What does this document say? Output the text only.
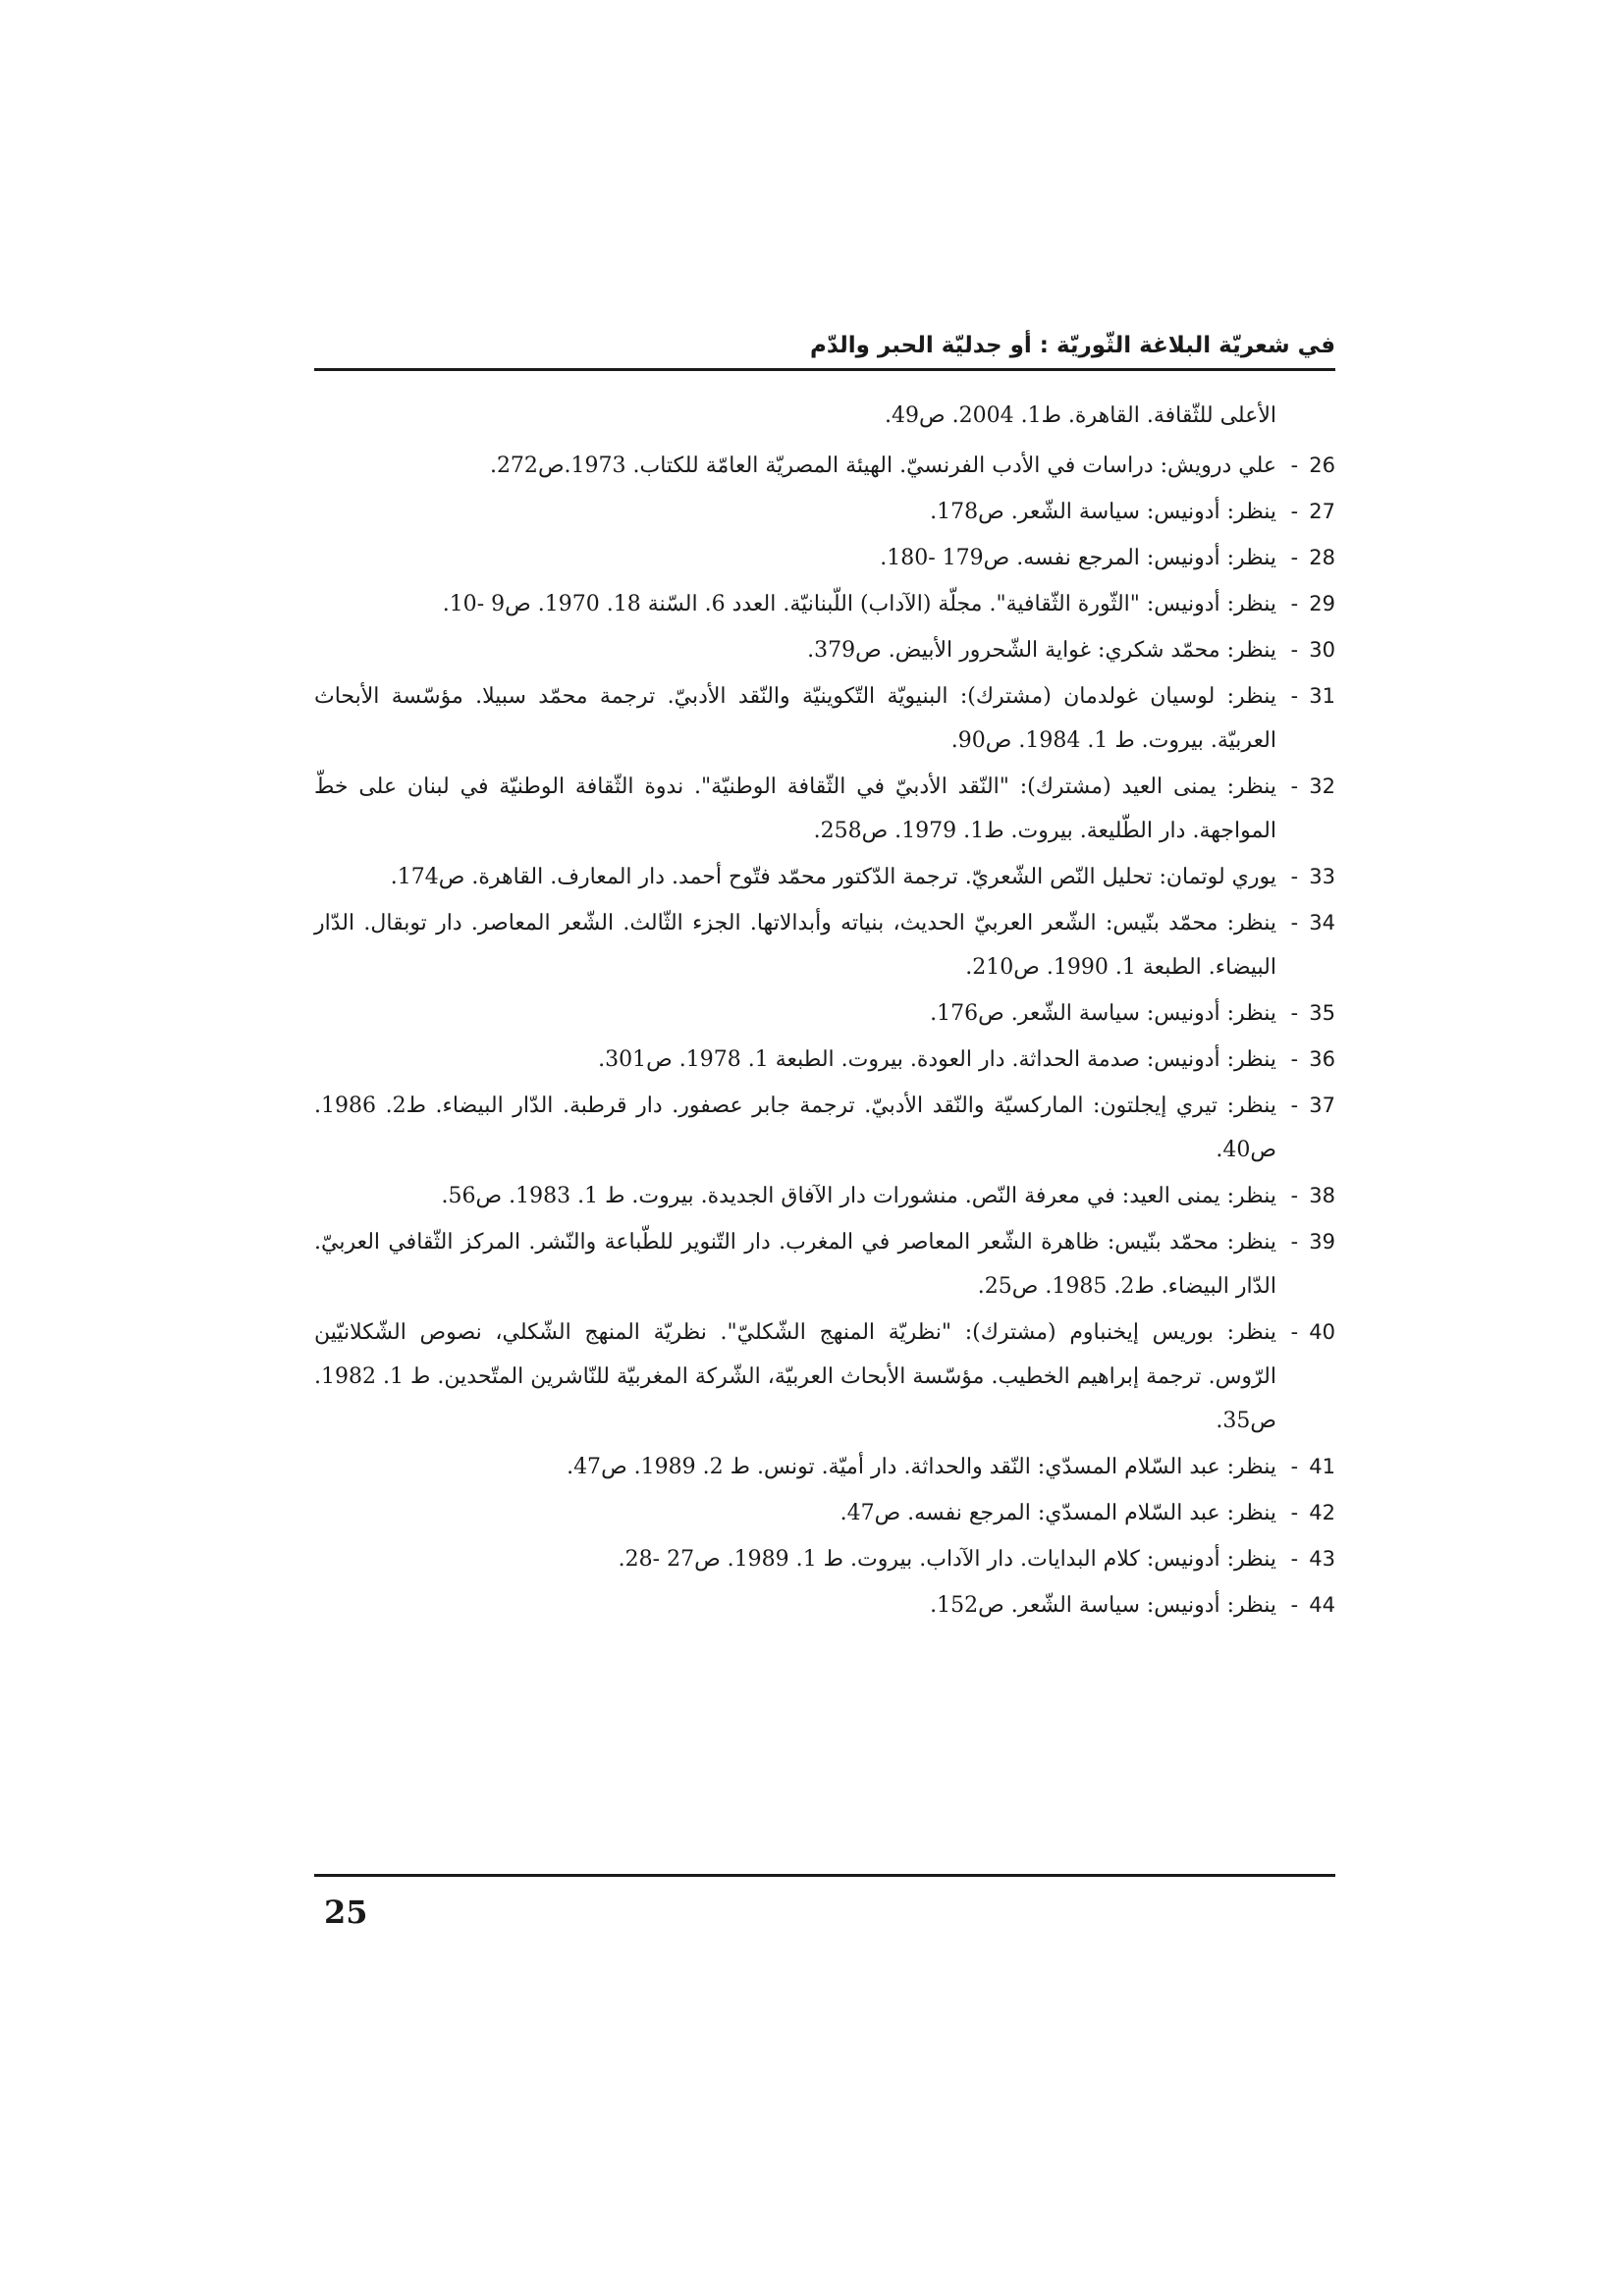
في شعريّة البلاغة الثّوريّة : أو جدليّة الحبر والدّم
الأعلى للثّقافة. القاهرة. ط1. 2004. ص49.
26
-
علي درويش: دراسات في الأدب الفرنسيّ. الهيئة المصريّة العامّة للكتاب. 1973.ص272.
27
-
ينظر: أدونيس: سياسة الشّعر. ص178.
28
-
ينظر: أدونيس: المرجع نفسه. ص179 -180.
29
-
ينظر: أدونيس: "الثّورة الثّقافية". مجلّة (الآداب) اللّبنانيّة. العدد 6. السّنة 18. 1970. ص9 -10.
30
-
ينظر: محمّد شكري: غواية الشّحرور الأبيض. ص379.
31
-
ينظر: لوسيان غولدمان (مشترك): البنيويّة التّكوينيّة والنّقد الأدبيّ. ترجمة محمّد سبيلا. مؤسّسة الأبحاث العربيّة. بيروت. ط 1. 1984. ص90.
32
-
ينظر: يمنى العيد (مشترك): "النّقد الأدبيّ في الثّقافة الوطنيّة". ندوة الثّقافة الوطنيّة في لبنان على خطّ المواجهة. دار الطّليعة. بيروت. ط1. 1979. ص258.
33
-
يوري لوتمان: تحليل النّص الشّعريّ. ترجمة الدّكتور محمّد فتّوح أحمد. دار المعارف. القاهرة. ص174.
34
-
ينظر: محمّد بنّيس: الشّعر العربيّ الحديث، بنياته وأبدالاتها. الجزء الثّالث. الشّعر المعاصر. دار توبقال. الدّار البيضاء. الطبعة 1. 1990. ص210.
35
-
ينظر: أدونيس: سياسة الشّعر. ص176.
36
-
ينظر: أدونيس: صدمة الحداثة. دار العودة. بيروت. الطبعة 1. 1978. ص301.
37
-
ينظر: تيري إيجلتون: الماركسيّة والنّقد الأدبيّ. ترجمة جابر عصفور. دار قرطبة. الدّار البيضاء. ط2. 1986. ص40.
38
-
ينظر: يمنى العيد: في معرفة النّص. منشورات دار الآفاق الجديدة. بيروت. ط 1. 1983. ص56.
39
-
ينظر: محمّد بنّيس: ظاهرة الشّعر المعاصر في المغرب. دار التّنوير للطّباعة والنّشر. المركز الثّقافي العربيّ. الدّار البيضاء. ط2. 1985. ص25.
40
-
ينظر: بوريس إيخنباوم (مشترك): "نظريّة المنهج الشّكليّ". نظريّة المنهج الشّكلي، نصوص الشّكلانيّين الرّوس. ترجمة إبراهيم الخطيب. مؤسّسة الأبحاث العربيّة، الشّركة المغربيّة للنّاشرين المتّحدين. ط 1. 1982. ص35.
41
-
ينظر: عبد السّلام المسدّي: النّقد والحداثة. دار أميّة. تونس. ط 2. 1989. ص47.
42
-
ينظر: عبد السّلام المسدّي: المرجع نفسه. ص47.
43
-
ينظر: أدونيس: كلام البدايات. دار الآداب. بيروت. ط 1. 1989. ص27 -28.
44
-
ينظر: أدونيس: سياسة الشّعر. ص152.
25
